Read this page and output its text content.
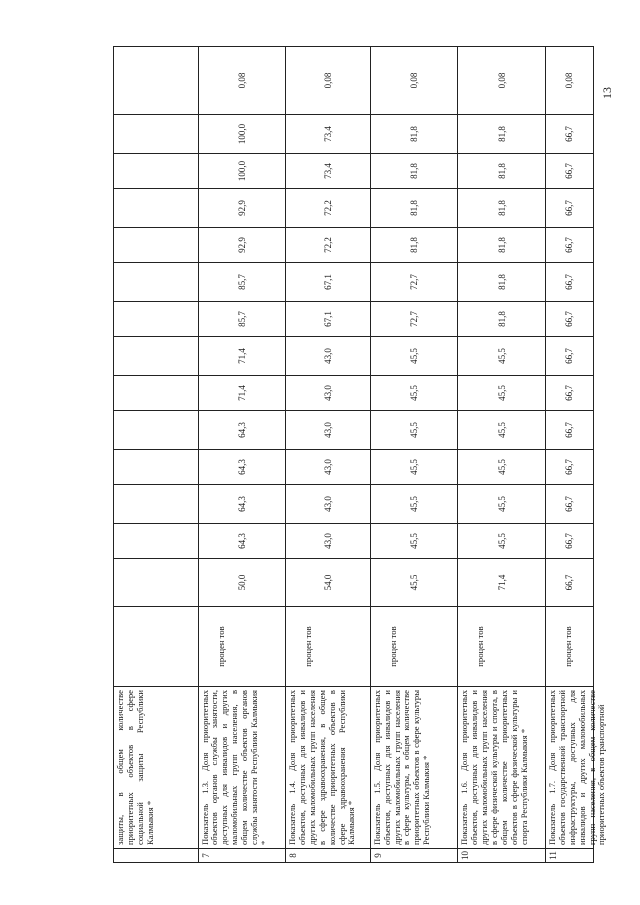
защиты, в общем количестве приоритетных объектов в сфере социальной защиты Республики Калмыкия *
7
Показатель 1.3. Доля приоритетных объектов органов службы занятости, доступных для инвалидов и других маломобильных групп населения, в общем количестве объектов органов службы занятости Республики Калмыкия *
процен тов
50,0
64,3
64,3
64,3
64,3
71,4
71,4
85,7
85,7
92,9
92,9
100,0
100,0
0,08
8
Показатель 1.4. Доля приоритетных объектов, доступных для инвалидов и других маломобильных групп населения в сфере здравоохранения, в общем количестве приоритетных объектов в сфере здравоохранения Республики Калмыкия *
процен тов
54,0
43,0
43,0
43,0
43,0
43,0
43,0
67,1
67,1
72,2
72,2
73,4
73,4
0,08
9
Показатель 1.5. Доля приоритетных объектов, доступных для инвалидов и других маломобильных групп населения в сфере культуры, в общем количестве приоритетных объектов в сфере культуры Республики Калмыкия *
процен тов
45,5
45,5
45,5
45,5
45,5
45,5
45,5
72,7
72,7
81,8
81,8
81,8
81,8
0,08
10
Показатель 1.6. Доля приоритетных объектов, доступных для инвалидов и других маломобильных групп населения в сфере физической культуры и спорта, в общем количестве приоритетных объектов в сфере физической культуры и спорта Республики Калмыкия *
процен тов
71,4
45,5
45,5
45,5
45,5
45,5
45,5
81,8
81,8
81,8
81,8
81,8
81,8
0,08
11
Показатель 1.7. Доля приоритетных объектов государственной транспортной инфраструктуры, доступных для инвалидов и других маломобильных групп населения, в общем количестве приоритетных объектов транспортной
процен тов
66,7
66,7
66,7
66,7
66,7
66,7
66,7
66,7
66,7
66,7
66,7
66,7
66,7
0,08
13
